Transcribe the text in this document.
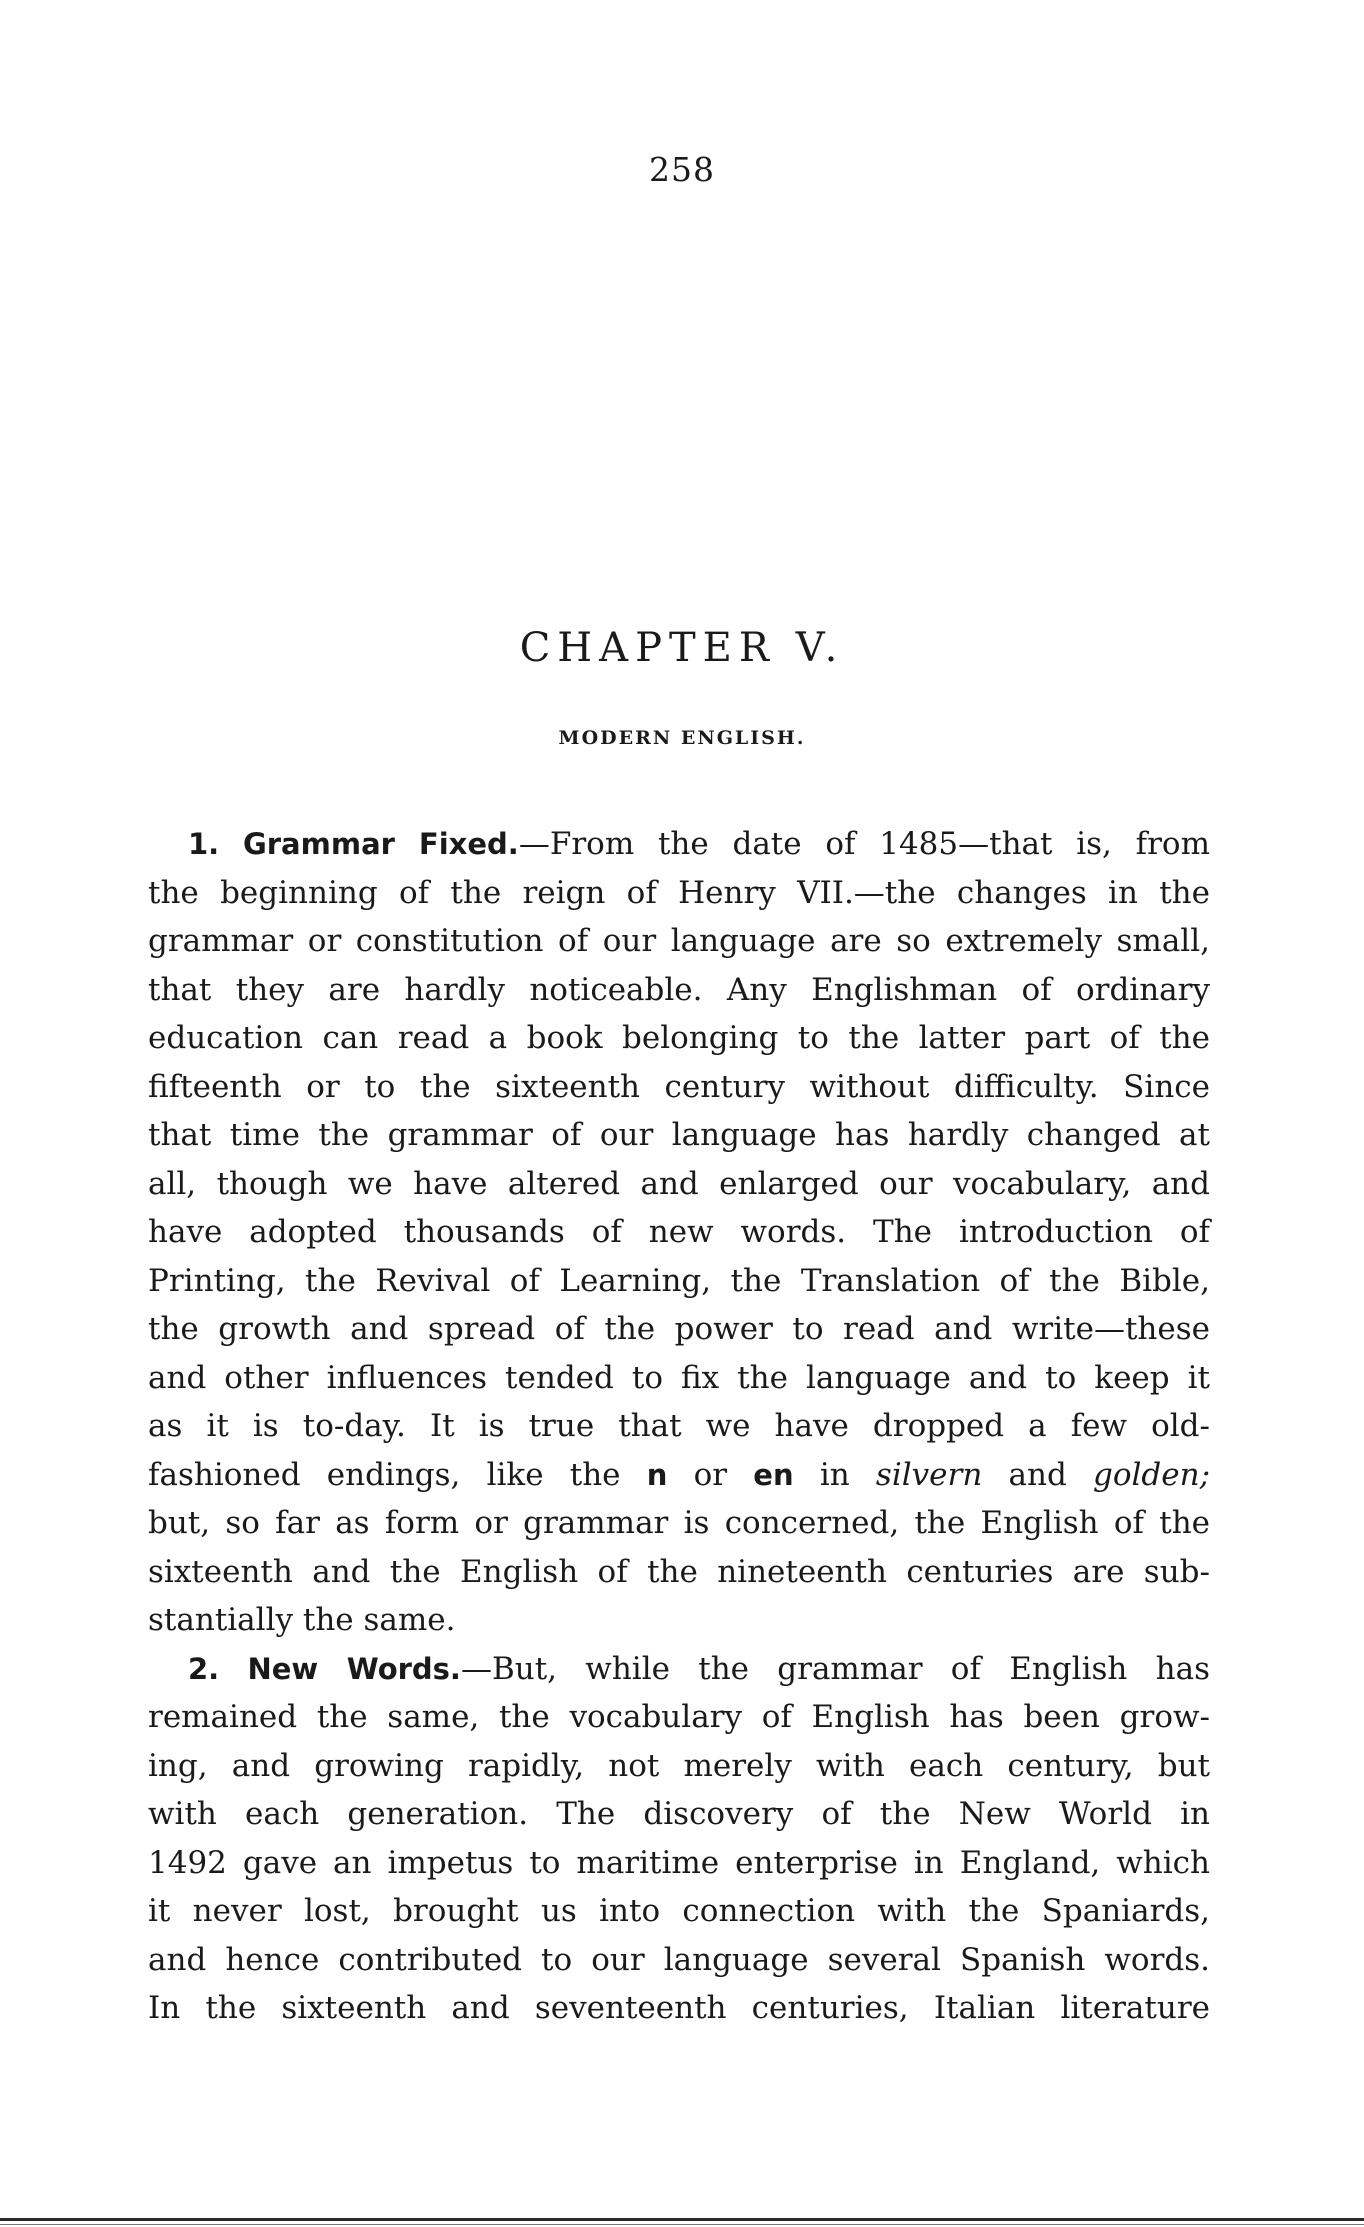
258
CHAPTER V.
MODERN ENGLISH.
1. Grammar Fixed.—From the date of 1485—that is, from
the beginning of the reign of Henry VII.—the changes in the
grammar or constitution of our language are so extremely small,
that they are hardly noticeable. Any Englishman of ordinary
education can read a book belonging to the latter part of the
fifteenth or to the sixteenth century without difficulty. Since
that time the grammar of our language has hardly changed at
all, though we have altered and enlarged our vocabulary, and
have adopted thousands of new words. The introduction of
Printing, the Revival of Learning, the Translation of the Bible,
the growth and spread of the power to read and write—these
and other influences tended to fix the language and to keep it
as it is to-day. It is true that we have dropped a few old-
fashioned endings, like the n or en in silvern and golden;
but, so far as form or grammar is concerned, the English of the
sixteenth and the English of the nineteenth centuries are sub-
stantially the same.
2. New Words.—But, while the grammar of English has
remained the same, the vocabulary of English has been grow-
ing, and growing rapidly, not merely with each century, but
with each generation. The discovery of the New World in
1492 gave an impetus to maritime enterprise in England, which
it never lost, brought us into connection with the Spaniards,
and hence contributed to our language several Spanish words.
In the sixteenth and seventeenth centuries, Italian literature
